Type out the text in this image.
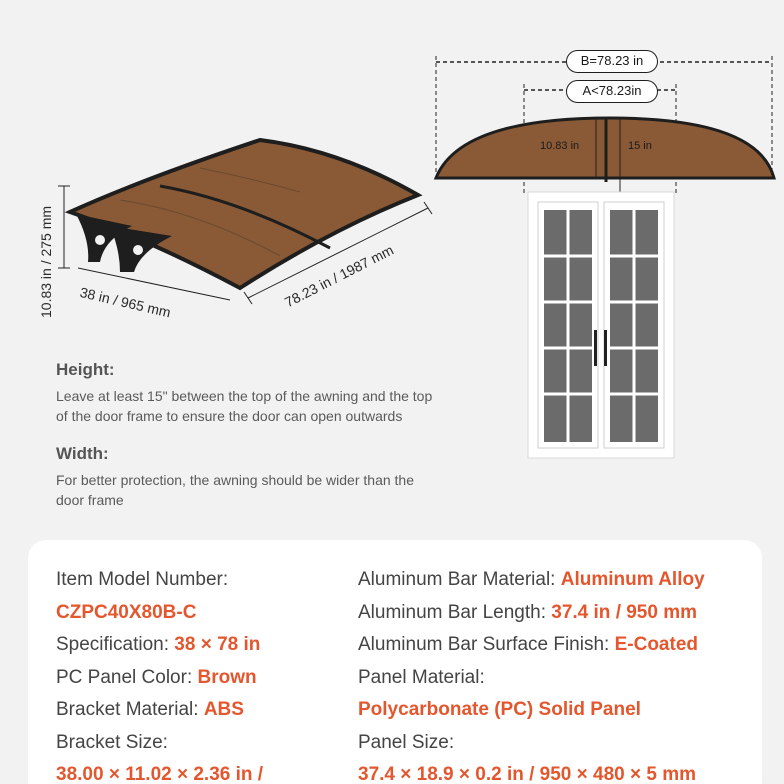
10.83 in / 275 mm 38 in / 965 mm	78.23 in / 1987 mm
B=78.23 in
A<78.23in
10.83 in	15 in
Height:
Leave at least 15" between the top of the awning and the top
of the door frame to ensure the door can open outwards
Width:
For better protection, the awning should be wider than the
door frame
Item Model Number:
CZPC40X80B-C
Specification: 38 × 78 in
PC Panel Color: Brown
Bracket Material: ABS
Bracket Size:
38.00 × 11.02 × 2.36 in /
Aluminum Bar Material: Aluminum Alloy
Aluminum Bar Length: 37.4 in / 950 mm
Aluminum Bar Surface Finish: E-Coated
Panel Material:
Polycarbonate (PC) Solid Panel
Panel Size:
37.4 × 18.9 × 0.2 in / 950 × 480 × 5 mm
